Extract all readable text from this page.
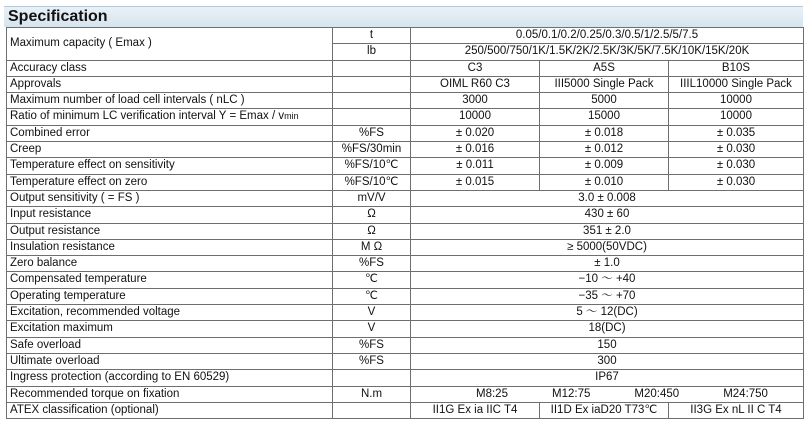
Specification
Maximum capacity ( Emax )	t	0.05/0.1/0.2/0.25/0.3/0.5/1/2.5/5/7.5		
	lb	250/500/750/1K/1.5K/2K/2.5K/3K/5K/7.5K/10K/15K/20K		
Accuracy class		C3	A5S	B10S
Approvals		OIML R60 C3	III5000 Single Pack	IIIL10000 Single Pack
Maximum number of load cell intervals ( nLC )		3000	5000	10000
Ratio of minimum LC verification interval Y = Emax / vmin		10000	15000	10000
Combined error	%FS	± 0.020	± 0.018	± 0.035
Creep	%FS/30min	± 0.016	± 0.012	± 0.030
Temperature effect on sensitivity	%FS/10℃	± 0.011	± 0.009	± 0.030
Temperature effect on zero	%FS/10℃	± 0.015	± 0.010	± 0.030
Output sensitivity ( = FS )	mV/V	3.0 ± 0.008		
Input resistance	Ω	430 ± 60		
Output resistance	Ω	351 ± 2.0		
Insulation resistance	M Ω	≥ 5000(50VDC)		
Zero balance	%FS	± 1.0		
Compensated temperature	℃	−10 ～ +40		
Operating temperature	℃	−35 ～ +70		
Excitation, recommended voltage	V	5 ～ 12(DC)		
Excitation maximum	V	18(DC)		
Safe overload	%FS	150		
Ultimate overload	%FS	300		
Ingress protection (according to EN 60529)		IP67		
Recommended torque on fixation	N.m	M8:25 M12:75 M20:450 M24:750		

ATEX classification (optional)		II1G Ex ia IIC T4	II1D Ex iaD20 T73℃	II3G Ex nL II C T4
